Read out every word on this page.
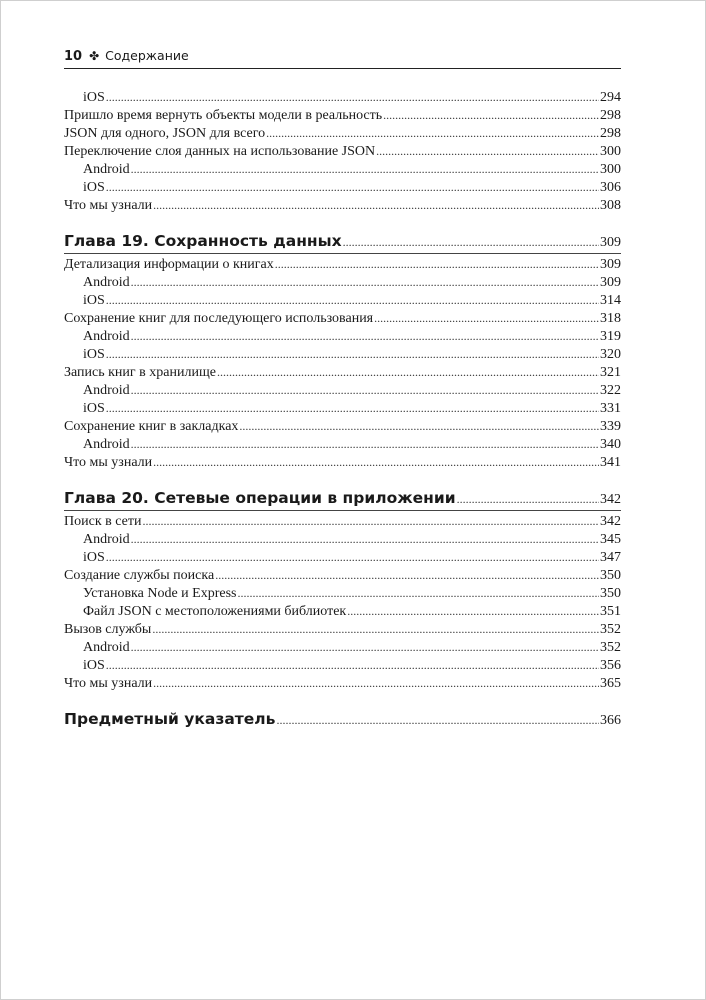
10 ✤ Содержание
iOS .....	294
Пришло время вернуть объекты модели в реальность .....	298
JSON для одного, JSON для всего .....	298
Переключение слоя данных на использование JSON .....	300
Android .....	300
iOS .....	306
Что мы узнали .....	308
Глава 19. Сохранность данных .....	309
Детализация информации о книгах .....	309
Android .....	309
iOS .....	314
Сохранение книг для последующего использования .....	318
Android .....	319
iOS .....	320
Запись книг в хранилище .....	321
Android .....	322
iOS .....	331
Сохранение книг в закладках .....	339
Android .....	340
Что мы узнали .....	341
Глава 20. Сетевые операции в приложении .....	342
Поиск в сети .....	342
Android .....	345
iOS .....	347
Создание службы поиска .....	350
Установка Node и Express .....	350
Файл JSON с местоположениями библиотек .....	351
Вызов службы .....	352
Android .....	352
iOS .....	356
Что мы узнали .....	365
Предметный указатель .....	366
